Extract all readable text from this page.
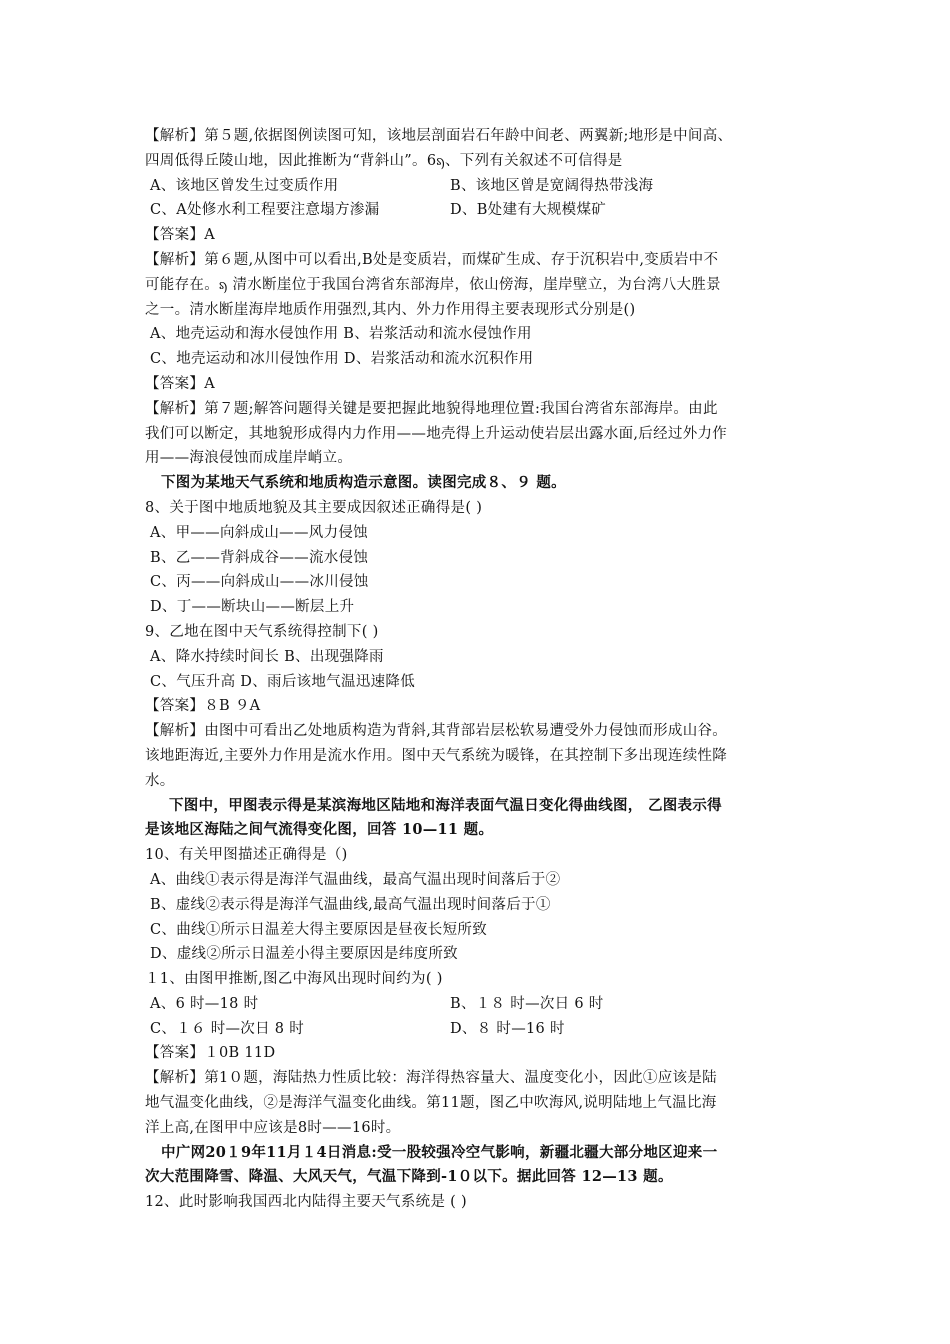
【解析】第５题,依据图例读图可知，该地层剖面岩石年龄中间老、两翼新;地形是中间高、
四周低得丘陵山地，因此推断为“背斜山”。6ᦣ、下列有关叙述不可信得是
A、该地区曾发生过变质作用	B、该地区曾是宽阔得热带浅海
C、A处修水利工程要注意塌方渗漏	D、B处建有大规模煤矿
【答案】A
【解析】第６题,从图中可以看出,B处是变质岩，而煤矿生成、存于沉积岩中,变质岩中不
可能存在。ᦣ 清水断崖位于我国台湾省东部海岸，依山傍海，崖岸壁立，为台湾八大胜景
之一。清水断崖海岸地质作用强烈,其内、外力作用得主要表现形式分别是()
A、地壳运动和海水侵蚀作用 B、岩浆活动和流水侵蚀作用
C、地壳运动和冰川侵蚀作用 D、岩浆活动和流水沉积作用
【答案】A
【解析】第７题;解答问题得关键是要把握此地貌得地理位置:我国台湾省东部海岸。由此
我们可以断定，其地貌形成得内力作用——地壳得上升运动使岩层出露水面,后经过外力作
用——海浪侵蚀而成崖岸峭立。
下图为某地天气系统和地质构造示意图。读图完成８、９ 题。
8、关于图中地质地貌及其主要成因叙述正确得是( )
A、甲——向斜成山——风力侵蚀
B、乙——背斜成谷——流水侵蚀
C、丙——向斜成山——冰川侵蚀
D、丁——断块山——断层上升
9、乙地在图中天气系统得控制下( )
A、降水持续时间长 B、出现强降雨
C、气压升高 D、雨后该地气温迅速降低
【答案】８B ９A
【解析】由图中可看出乙处地质构造为背斜,其背部岩层松软易遭受外力侵蚀而形成山谷。
该地距海近,主要外力作用是流水作用。图中天气系统为暖锋，在其控制下多出现连续性降
水。
下图中，甲图表示得是某滨海地区陆地和海洋表面气温日变化得曲线图， 乙图表示得
是该地区海陆之间气流得变化图，回答 10—11 题。
10、有关甲图描述正确得是（)
A、曲线①表示得是海洋气温曲线，最高气温出现时间落后于②
B、虚线②表示得是海洋气温曲线,最高气温出现时间落后于①
C、曲线①所示日温差大得主要原因是昼夜长短所致
D、虚线②所示日温差小得主要原因是纬度所致
１1、由图甲推断,图乙中海风出现时间约为( )
A、6 时—18 时	B、１８ 时—次日 6 时
C、１６ 时—次日 8 时	D、８ 时—16 时
【答案】１0B 11D
【解析】第1０题，海陆热力性质比较：海洋得热容量大、温度变化小，因此①应该是陆
地气温变化曲线，②是海洋气温变化曲线。第11题，图乙中吹海风,说明陆地上气温比海
洋上高,在图甲中应该是8时——16时。
中广网20１9年11月１4日消息:受一股较强冷空气影响，新疆北疆大部分地区迎来一
次大范围降雪、降温、大风天气，气温下降到-1０以下。据此回答 12—13 题。
12、此时影响我国西北内陆得主要天气系统是 ( )
